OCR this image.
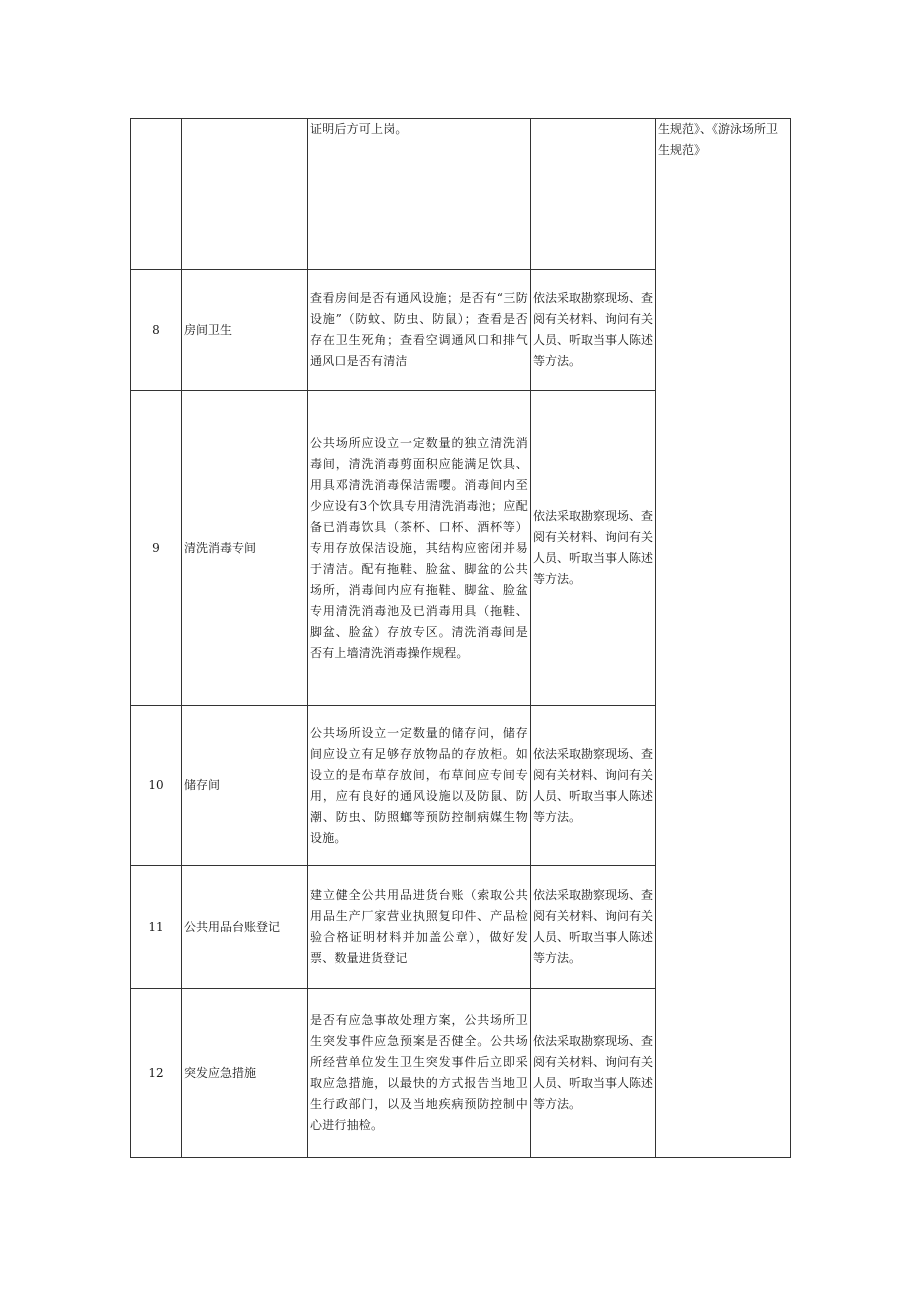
		证明后方可上岗。		生规范》、《游泳场所卫生规范》
8	房间卫生	查看房间是否有通风设施；是否有“三防设施”（防蚊、防虫、防鼠）；查看是否存在卫生死角；查看空调通风口和排气通风口是否有清洁	依法采取勘察现场、查阅有关材料、询问有关人员、听取当事人陈述等方法。	
9	清洗消毒专间	公共场所应设立一定数量的独立清洗消毒间，清洗消毒剪面积应能满足饮具、用具邓清洗消毒保洁需嘤。消毒间内至少应设有3个饮具专用清洗消毒池；应配备已消毒饮具（茶杯、口杯、酒杯等）专用存放保洁设施，其结构应密闭并易于清洁。配有拖鞋、脸盆、脚盆的公共场所，消毒间内应有拖鞋、脚盆、脸盆专用清洗消毒池及已消毒用具（拖鞋、脚盆、脸盆）存放专区。清洗消毒间是否有上墙清洗消毒操作规程。	依法采取勘察现场、查阅有关材料、询问有关人员、听取当事人陈述等方法。	
10	储存间	公共场所设立一定数量的储存问，储存间应设立有足够存放物品的存放柜。如设立的是布草存放间，布草间应专间专用，应有良好的通风设施以及防鼠、防潮、防虫、防照螂等预防控制病媒生物设施。	依法采取勘察现场、查阅有关材料、询问有关人员、听取当事人陈述等方法。	
11	公共用品台账登记	建立健全公共用品进货台账（索取公共用品生产厂家营业执照复印件、产品检验合格证明材料并加盖公章），做好发票、数量进货登记	依法采取勘察现场、查阅有关材料、询问有关人员、听取当事人陈述等方法。	
12	突发应急措施	是否有应急事故处理方案，公共场所卫生突发事件应急预案是否健全。公共场所经营单位发生卫生突发事件后立即采取应急措施，以最快的方式报告当地卫生行政部门，以及当地疾病预防控制中心进行抽检。	依法采取勘察现场、查阅有关材料、询问有关人员、听取当事人陈述等方法。	
